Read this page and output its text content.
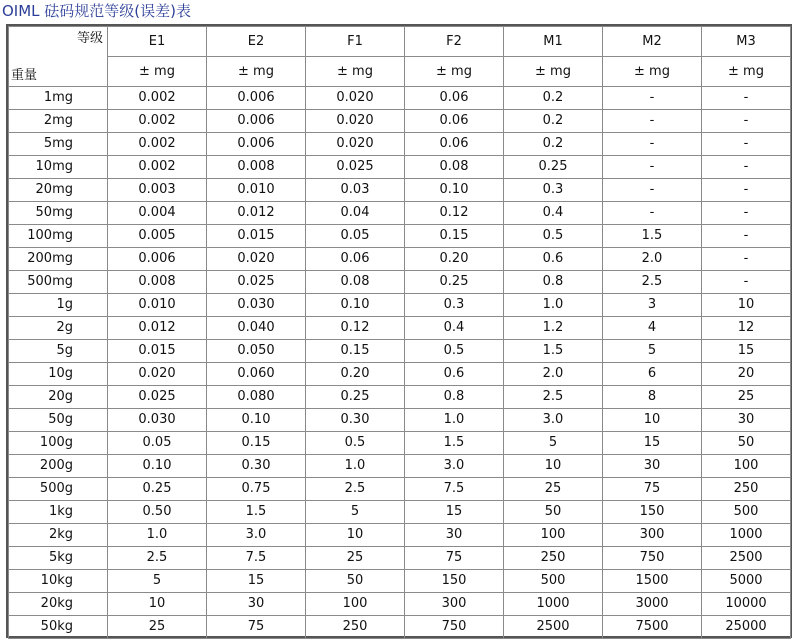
OIML 砝码规范等级(误差)表
等级
重量	E1	E2	F1	F2	M1	M2	M3
	± mg	± mg	± mg	± mg	± mg	± mg	± mg
1mg	0.002	0.006	0.020	0.06	0.2	-	-
2mg	0.002	0.006	0.020	0.06	0.2	-	-
5mg	0.002	0.006	0.020	0.06	0.2	-	-
10mg	0.002	0.008	0.025	0.08	0.25	-	-
20mg	0.003	0.010	0.03	0.10	0.3	-	-
50mg	0.004	0.012	0.04	0.12	0.4	-	-
100mg	0.005	0.015	0.05	0.15	0.5	1.5	-
200mg	0.006	0.020	0.06	0.20	0.6	2.0	-
500mg	0.008	0.025	0.08	0.25	0.8	2.5	-
1g	0.010	0.030	0.10	0.3	1.0	3	10
2g	0.012	0.040	0.12	0.4	1.2	4	12
5g	0.015	0.050	0.15	0.5	1.5	5	15
10g	0.020	0.060	0.20	0.6	2.0	6	20
20g	0.025	0.080	0.25	0.8	2.5	8	25
50g	0.030	0.10	0.30	1.0	3.0	10	30
100g	0.05	0.15	0.5	1.5	5	15	50
200g	0.10	0.30	1.0	3.0	10	30	100
500g	0.25	0.75	2.5	7.5	25	75	250
1kg	0.50	1.5	5	15	50	150	500
2kg	1.0	3.0	10	30	100	300	1000
5kg	2.5	7.5	25	75	250	750	2500
10kg	5	15	50	150	500	1500	5000
20kg	10	30	100	300	1000	3000	10000
50kg	25	75	250	750	2500	7500	25000
